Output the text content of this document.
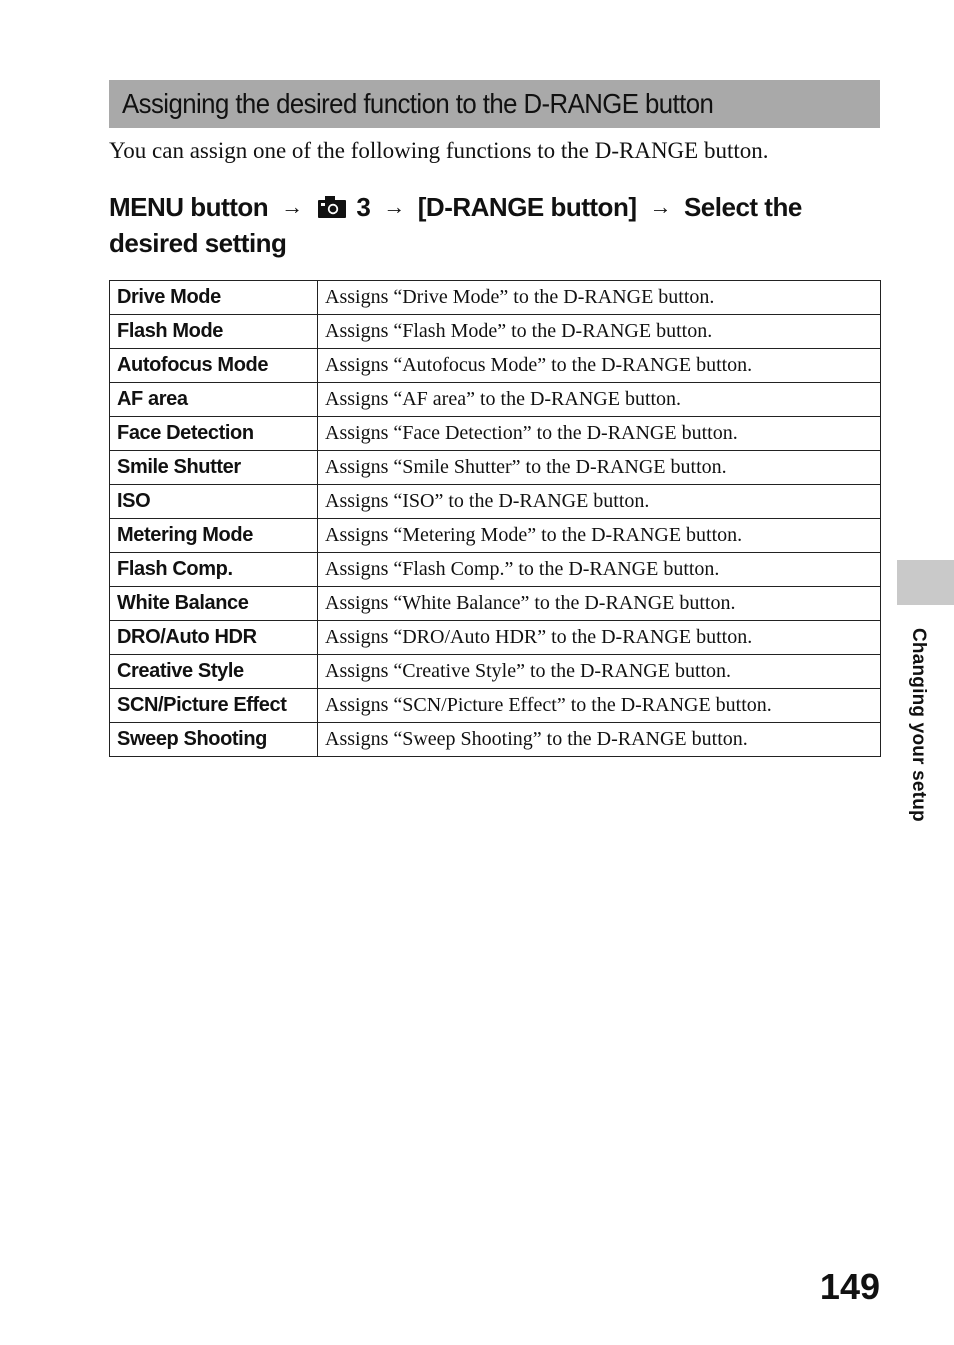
Assigning the desired function to the D-RANGE button
You can assign one of the following functions to the D-RANGE button.
MENU button → 3 → [D-RANGE button] → Select the desired setting
Drive Mode	Assigns “Drive Mode” to the D-RANGE button.
Flash Mode	Assigns “Flash Mode” to the D-RANGE button.
Autofocus Mode	Assigns “Autofocus Mode” to the D-RANGE button.
AF area	Assigns “AF area” to the D-RANGE button.
Face Detection	Assigns “Face Detection” to the D-RANGE button.
Smile Shutter	Assigns “Smile Shutter” to the D-RANGE button.
ISO	Assigns “ISO” to the D-RANGE button.
Metering Mode	Assigns “Metering Mode” to the D-RANGE button.
Flash Comp.	Assigns “Flash Comp.” to the D-RANGE button.
White Balance	Assigns “White Balance” to the D-RANGE button.
DRO/Auto HDR	Assigns “DRO/Auto HDR” to the D-RANGE button.
Creative Style	Assigns “Creative Style” to the D-RANGE button.
SCN/Picture Effect	Assigns “SCN/Picture Effect” to the D-RANGE button.
Sweep Shooting	Assigns “Sweep Shooting” to the D-RANGE button.	Changing your setup
149
